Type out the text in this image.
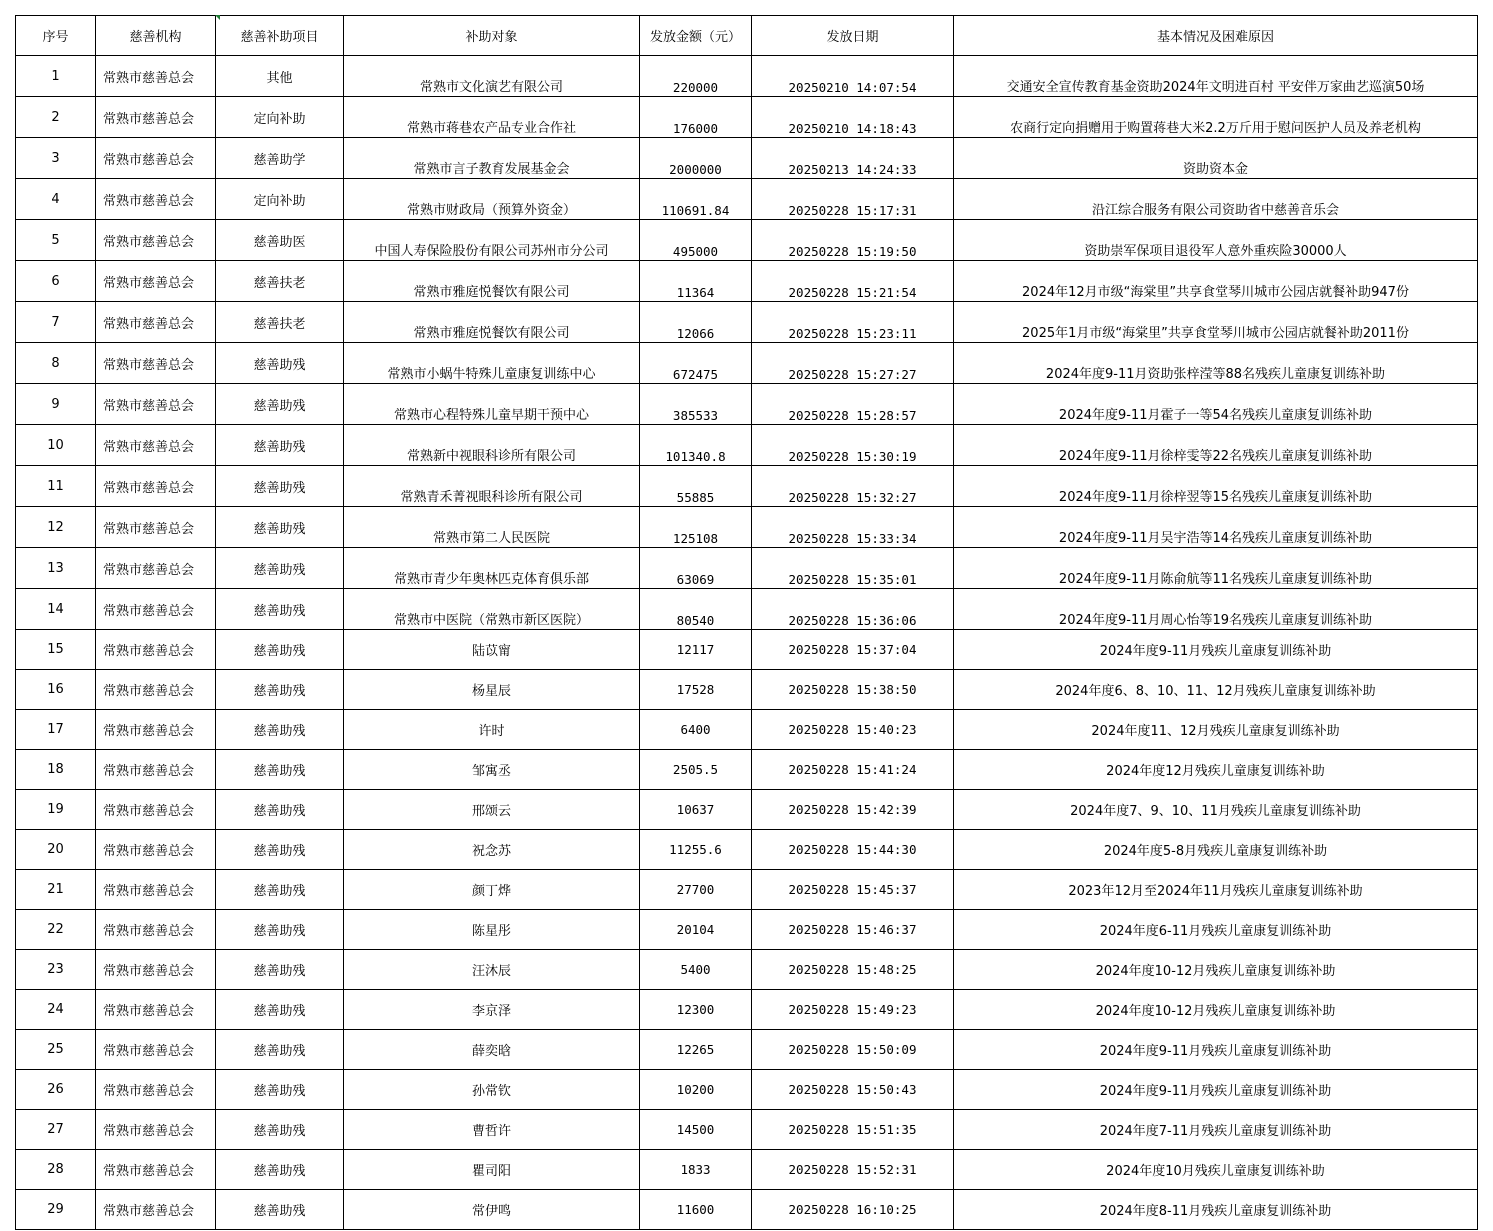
序号	慈善机构	慈善补助项目	补助对象	发放金额（元）	发放日期	基本情况及困难原因
1	常熟市慈善总会	其他	常熟市文化演艺有限公司	220000	20250210 14:07:54	交通安全宣传教育基金资助2024年文明进百村 平安伴万家曲艺巡演50场
2	常熟市慈善总会	定向补助	常熟市蒋巷农产品专业合作社	176000	20250210 14:18:43	农商行定向捐赠用于购置蒋巷大米2.2万斤用于慰问医护人员及养老机构
3	常熟市慈善总会	慈善助学	常熟市言子教育发展基金会	2000000	20250213 14:24:33	资助资本金
4	常熟市慈善总会	定向补助	常熟市财政局（预算外资金）	110691.84	20250228 15:17:31	沿江综合服务有限公司资助省中慈善音乐会
5	常熟市慈善总会	慈善助医	中国人寿保险股份有限公司苏州市分公司	495000	20250228 15:19:50	资助崇军保项目退役军人意外重疾险30000人
6	常熟市慈善总会	慈善扶老	常熟市雅庭悦餐饮有限公司	11364	20250228 15:21:54	2024年12月市级“海棠里”共享食堂琴川城市公园店就餐补助947份
7	常熟市慈善总会	慈善扶老	常熟市雅庭悦餐饮有限公司	12066	20250228 15:23:11	2025年1月市级“海棠里”共享食堂琴川城市公园店就餐补助2011份
8	常熟市慈善总会	慈善助残	常熟市小蜗牛特殊儿童康复训练中心	672475	20250228 15:27:27	2024年度9-11月资助张梓滢等88名残疾儿童康复训练补助
9	常熟市慈善总会	慈善助残	常熟市心程特殊儿童早期干预中心	385533	20250228 15:28:57	2024年度9-11月霍子一等54名残疾儿童康复训练补助
10	常熟市慈善总会	慈善助残	常熟新中视眼科诊所有限公司	101340.8	20250228 15:30:19	2024年度9-11月徐梓雯等22名残疾儿童康复训练补助
11	常熟市慈善总会	慈善助残	常熟青禾菁视眼科诊所有限公司	55885	20250228 15:32:27	2024年度9-11月徐梓翌等15名残疾儿童康复训练补助
12	常熟市慈善总会	慈善助残	常熟市第二人民医院	125108	20250228 15:33:34	2024年度9-11月吴宇浩等14名残疾儿童康复训练补助
13	常熟市慈善总会	慈善助残	常熟市青少年奥林匹克体育俱乐部	63069	20250228 15:35:01	2024年度9-11月陈俞航等11名残疾儿童康复训练补助
14	常熟市慈善总会	慈善助残	常熟市中医院（常熟市新区医院）	80540	20250228 15:36:06	2024年度9-11月周心怡等19名残疾儿童康复训练补助
15	常熟市慈善总会	慈善助残	陆苡甯	12117	20250228 15:37:04	2024年度9-11月残疾儿童康复训练补助
16	常熟市慈善总会	慈善助残	杨星辰	17528	20250228 15:38:50	2024年度6、8、10、11、12月残疾儿童康复训练补助
17	常熟市慈善总会	慈善助残	许时	6400	20250228 15:40:23	2024年度11、12月残疾儿童康复训练补助
18	常熟市慈善总会	慈善助残	邹寓丞	2505.5	20250228 15:41:24	2024年度12月残疾儿童康复训练补助
19	常熟市慈善总会	慈善助残	邢颂云	10637	20250228 15:42:39	2024年度7、9、10、11月残疾儿童康复训练补助
20	常熟市慈善总会	慈善助残	祝念苏	11255.6	20250228 15:44:30	2024年度5-8月残疾儿童康复训练补助
21	常熟市慈善总会	慈善助残	颜丁烨	27700	20250228 15:45:37	2023年12月至2024年11月残疾儿童康复训练补助
22	常熟市慈善总会	慈善助残	陈星彤	20104	20250228 15:46:37	2024年度6-11月残疾儿童康复训练补助
23	常熟市慈善总会	慈善助残	汪沐辰	5400	20250228 15:48:25	2024年度10-12月残疾儿童康复训练补助
24	常熟市慈善总会	慈善助残	李京泽	12300	20250228 15:49:23	2024年度10-12月残疾儿童康复训练补助
25	常熟市慈善总会	慈善助残	薛奕晗	12265	20250228 15:50:09	2024年度9-11月残疾儿童康复训练补助
26	常熟市慈善总会	慈善助残	孙常钦	10200	20250228 15:50:43	2024年度9-11月残疾儿童康复训练补助
27	常熟市慈善总会	慈善助残	曹哲许	14500	20250228 15:51:35	2024年度7-11月残疾儿童康复训练补助
28	常熟市慈善总会	慈善助残	瞿司阳	1833	20250228 15:52:31	2024年度10月残疾儿童康复训练补助
29	常熟市慈善总会	慈善助残	常伊鸣	11600	20250228 16:10:25	2024年度8-11月残疾儿童康复训练补助
